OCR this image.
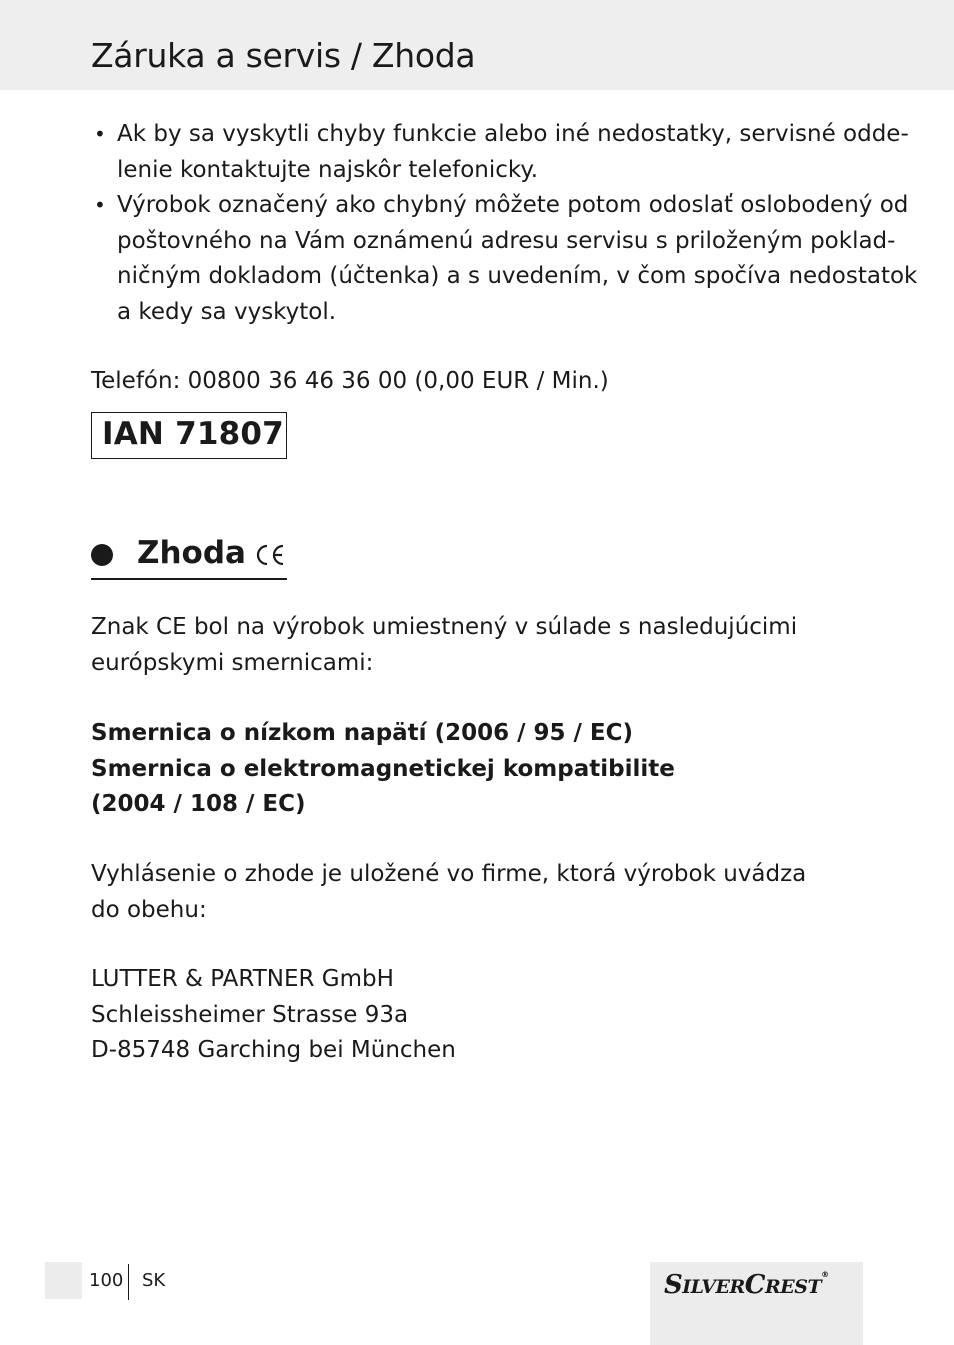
Záruka a servis / Zhoda
• Ak by sa vyskytli chyby funkcie alebo iné nedostatky, servisné odde-
lenie kontaktujte najskôr telefonicky.
• Výrobok označený ako chybný môžete potom odoslať oslobodený od
poštovného na Vám oznámenú adresu servisu s priloženým poklad-
ničným dokladom (účtenka) a s uvedením, v čom spočíva nedostatok
a kedy sa vyskytol.
Telefón: 00800 36 46 36 00 (0,00 EUR / Min.)
IAN 71807
Zhoda
Znak CE bol na výrobok umiestnený v súlade s nasledujúcimi
európskymi smernicami:
Smernica o nízkom napätí (2006 / 95 / EC)
Smernica o elektromagnetickej kompatibilite
(2004 / 108 / EC)
Vyhlásenie o zhode je uložené vo firme, ktorá výrobok uvádza
do obehu:
LUTTER & PARTNER GmbH
Schleissheimer Strasse 93a
D-85748 Garching bei München
100 SK	SILVERCREST®
